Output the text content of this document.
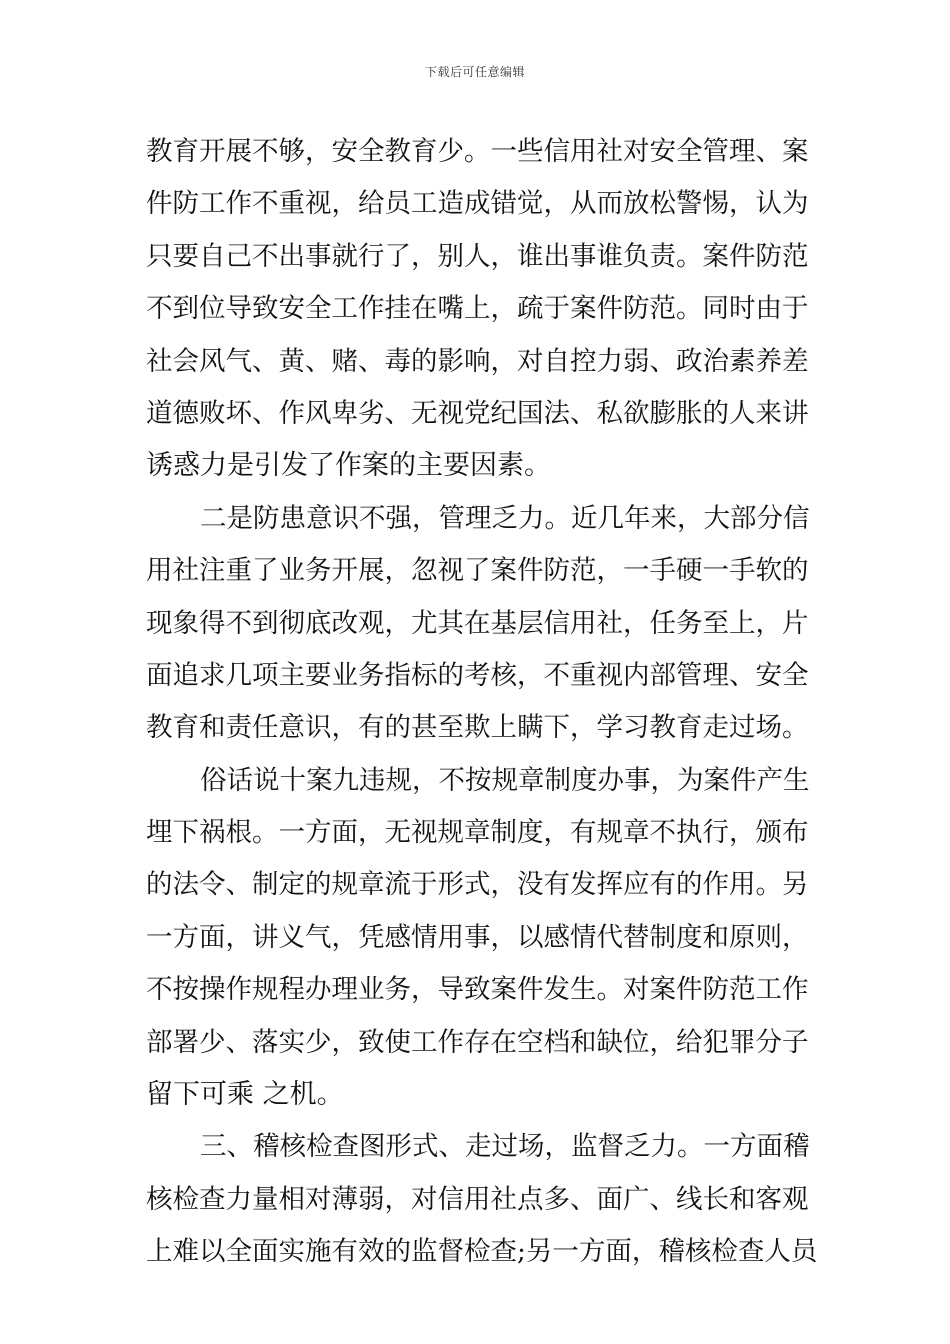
下载后可任意编辑
教育开展不够，安全教育少。一些信用社对安全管理、案
件防工作不重视，给员工造成错觉，从而放松警惕，认为
只要自己不出事就行了，别人，谁出事谁负责。案件防范
不到位导致安全工作挂在嘴上，疏于案件防范。同时由于
社会风气、黄、赌、毒的影响，对自控力弱、政治素养差
道德败坏、作风卑劣、无视党纪国法、私欲膨胀的人来讲
诱惑力是引发了作案的主要因素。
二是防患意识不强，管理乏力。近几年来，大部分信
用社注重了业务开展，忽视了案件防范，一手硬一手软的
现象得不到彻底改观，尤其在基层信用社，任务至上，片
面追求几项主要业务指标的考核，不重视内部管理、安全
教育和责任意识，有的甚至欺上瞒下，学习教育走过场。
俗话说十案九违规，不按规章制度办事，为案件产生
埋下祸根。一方面，无视规章制度，有规章不执行，颁布
的法令、制定的规章流于形式，没有发挥应有的作用。另
一方面，讲义气，凭感情用事，以感情代替制度和原则，
不按操作规程办理业务，导致案件发生。对案件防范工作
部署少、落实少，致使工作存在空档和缺位，给犯罪分子
留下可乘 之机。
三、稽核检查图形式、走过场，监督乏力。一方面稽
核检查力量相对薄弱，对信用社点多、面广、线长和客观
上难以全面实施有效的监督检查;另一方面，稽核检查人员
